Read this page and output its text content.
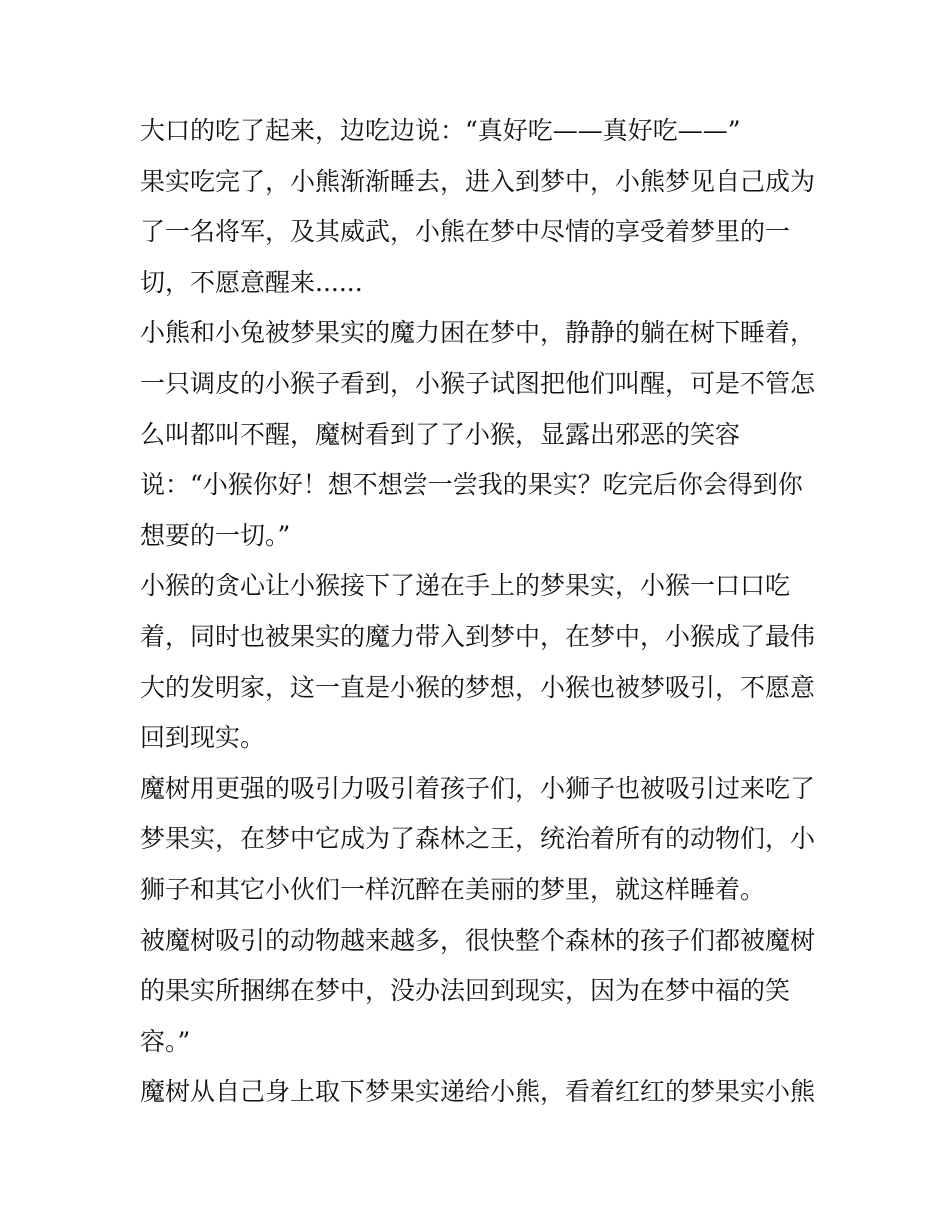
大口的吃了起来，边吃边说：“真好吃——真好吃——”
果实吃完了，小熊渐渐睡去，进入到梦中，小熊梦见自己成为
了一名将军，及其威武，小熊在梦中尽情的享受着梦里的一
切，不愿意醒来......
小熊和小兔被梦果实的魔力困在梦中，静静的躺在树下睡着，
一只调皮的小猴子看到，小猴子试图把他们叫醒，可是不管怎
么叫都叫不醒，魔树看到了了小猴，显露出邪恶的笑容
说：“小猴你好！想不想尝一尝我的果实？吃完后你会得到你
想要的一切。”
小猴的贪心让小猴接下了递在手上的梦果实，小猴一口口吃
着，同时也被果实的魔力带入到梦中，在梦中，小猴成了最伟
大的发明家，这一直是小猴的梦想，小猴也被梦吸引，不愿意
回到现实。
魔树用更强的吸引力吸引着孩子们，小狮子也被吸引过来吃了
梦果实，在梦中它成为了森林之王，统治着所有的动物们，小
狮子和其它小伙们一样沉醉在美丽的梦里，就这样睡着。
被魔树吸引的动物越来越多，很快整个森林的孩子们都被魔树
的果实所捆绑在梦中，没办法回到现实，因为在梦中福的笑
容。”
魔树从自己身上取下梦果实递给小熊，看着红红的梦果实小熊
